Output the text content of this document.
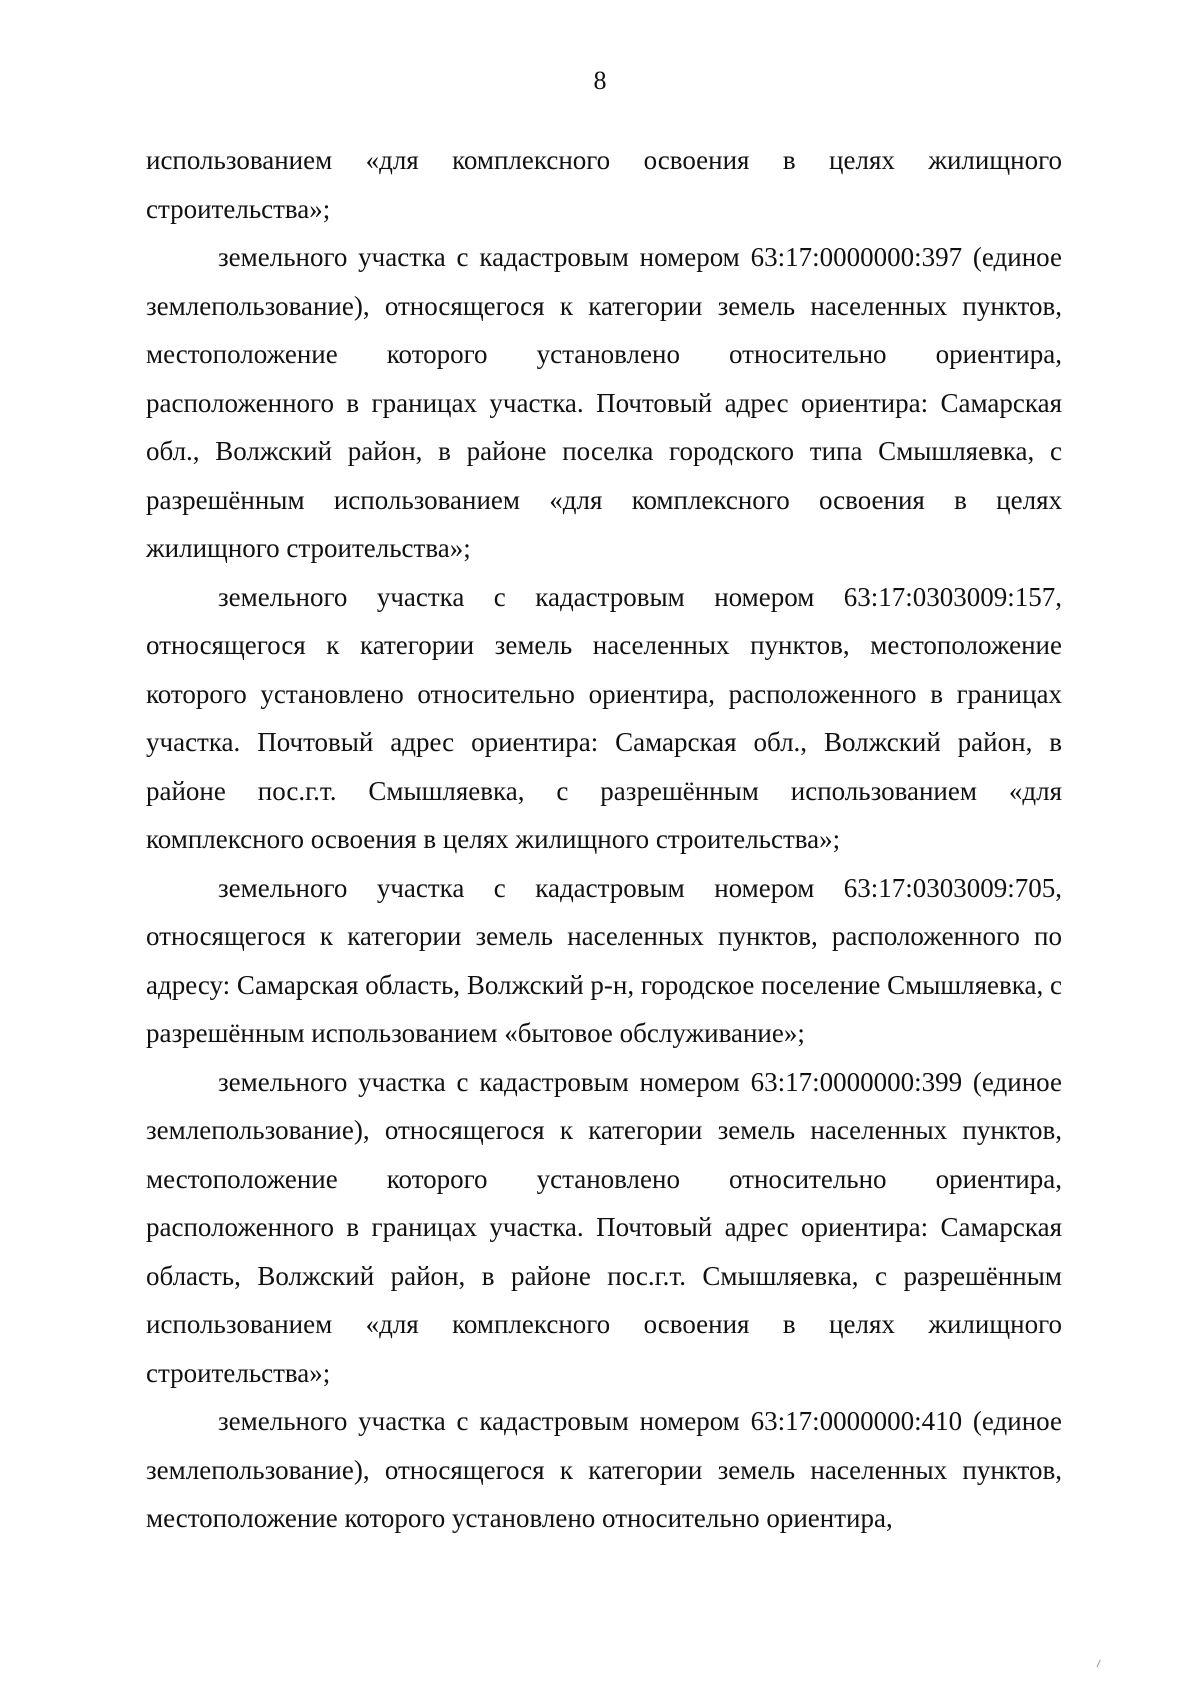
8

использованием «для комплексного освоения в целях жилищного строительства»;

земельного участка с кадастровым номером 63:17:0000000:397 (единое землепользование), относящегося к категории земель населенных пунктов, местоположение которого установлено относительно ориентира, расположенного в границах участка. Почтовый адрес ориентира: Самарская обл., Волжский район, в районе поселка городского типа Смышляевка, с разрешённым использованием «для комплексного освоения в целях жилищного строительства»;

земельного участка с кадастровым номером 63:17:0303009:157, относящегося к категории земель населенных пунктов, местоположение которого установлено относительно ориентира, расположенного в границах участка. Почтовый адрес ориентира: Самарская обл., Волжский район, в районе пос.г.т. Смышляевка, с разрешённым использованием «для комплексного освоения в целях жилищного строительства»;

земельного участка с кадастровым номером 63:17:0303009:705, относящегося к категории земель населенных пунктов, расположенного по адресу: Самарская область, Волжский р-н, городское поселение Смышляевка, с разрешённым использованием «бытовое обслуживание»;

земельного участка с кадастровым номером 63:17:0000000:399 (единое землепользование), относящегося к категории земель населенных пунктов, местоположение которого установлено относительно ориентира, расположенного в границах участка. Почтовый адрес ориентира: Самарская область, Волжский район, в районе пос.г.т. Смышляевка, с разрешённым использованием «для комплексного освоения в целях жилищного строительства»;

земельного участка с кадастровым номером 63:17:0000000:410 (единое землепользование), относящегося к категории земель населенных пунктов, местоположение которого установлено относительно ориентира,
